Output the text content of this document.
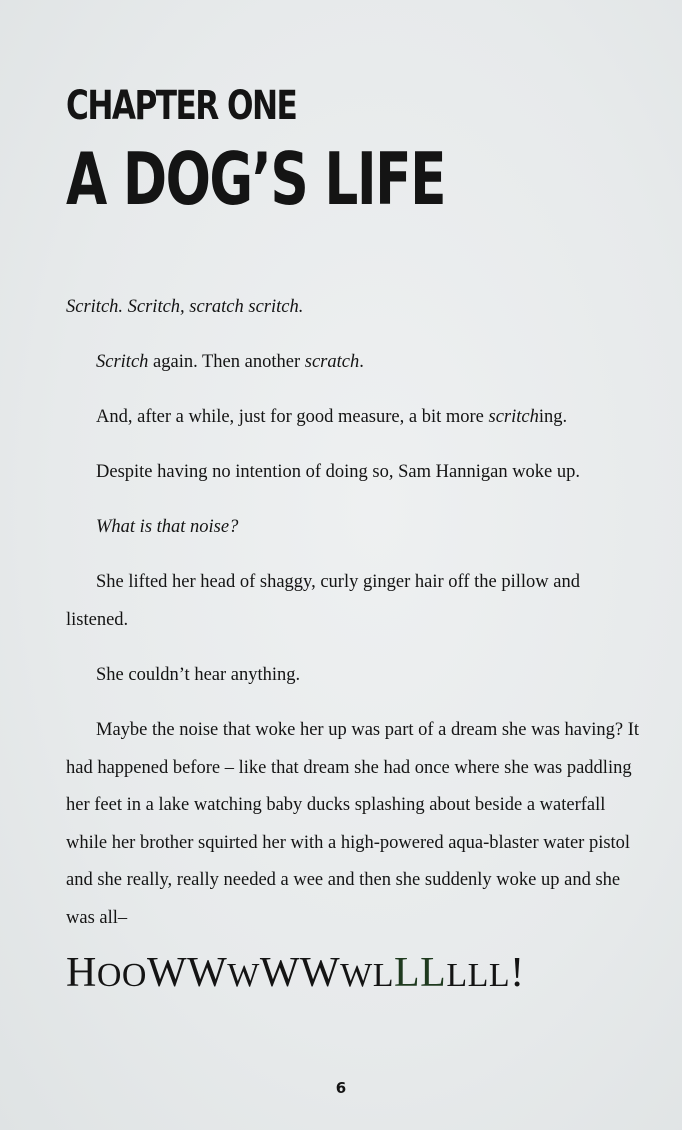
CHAPTER ONE
A DOG’S LIFE

Scritch. Scritch, scratch scritch.

Scritch again. Then another scratch.

And, after a while, just for good measure, a bit more scritching.

Despite having no intention of doing so, Sam Hannigan woke up.

What is that noise?

She lifted her head of shaggy, curly ginger hair off the pillow and listened.

She couldn’t hear anything.

Maybe the noise that woke her up was part of a dream she was having? It had happened before – like that dream she had once where she was paddling her feet in a lake watching baby ducks splashing about beside a waterfall while her brother squirted her with a high-powered aqua-blaster water pistol and she really, really needed a wee and then she suddenly woke up and she was all–

HOOWWWWWWLLLLLL!
6
